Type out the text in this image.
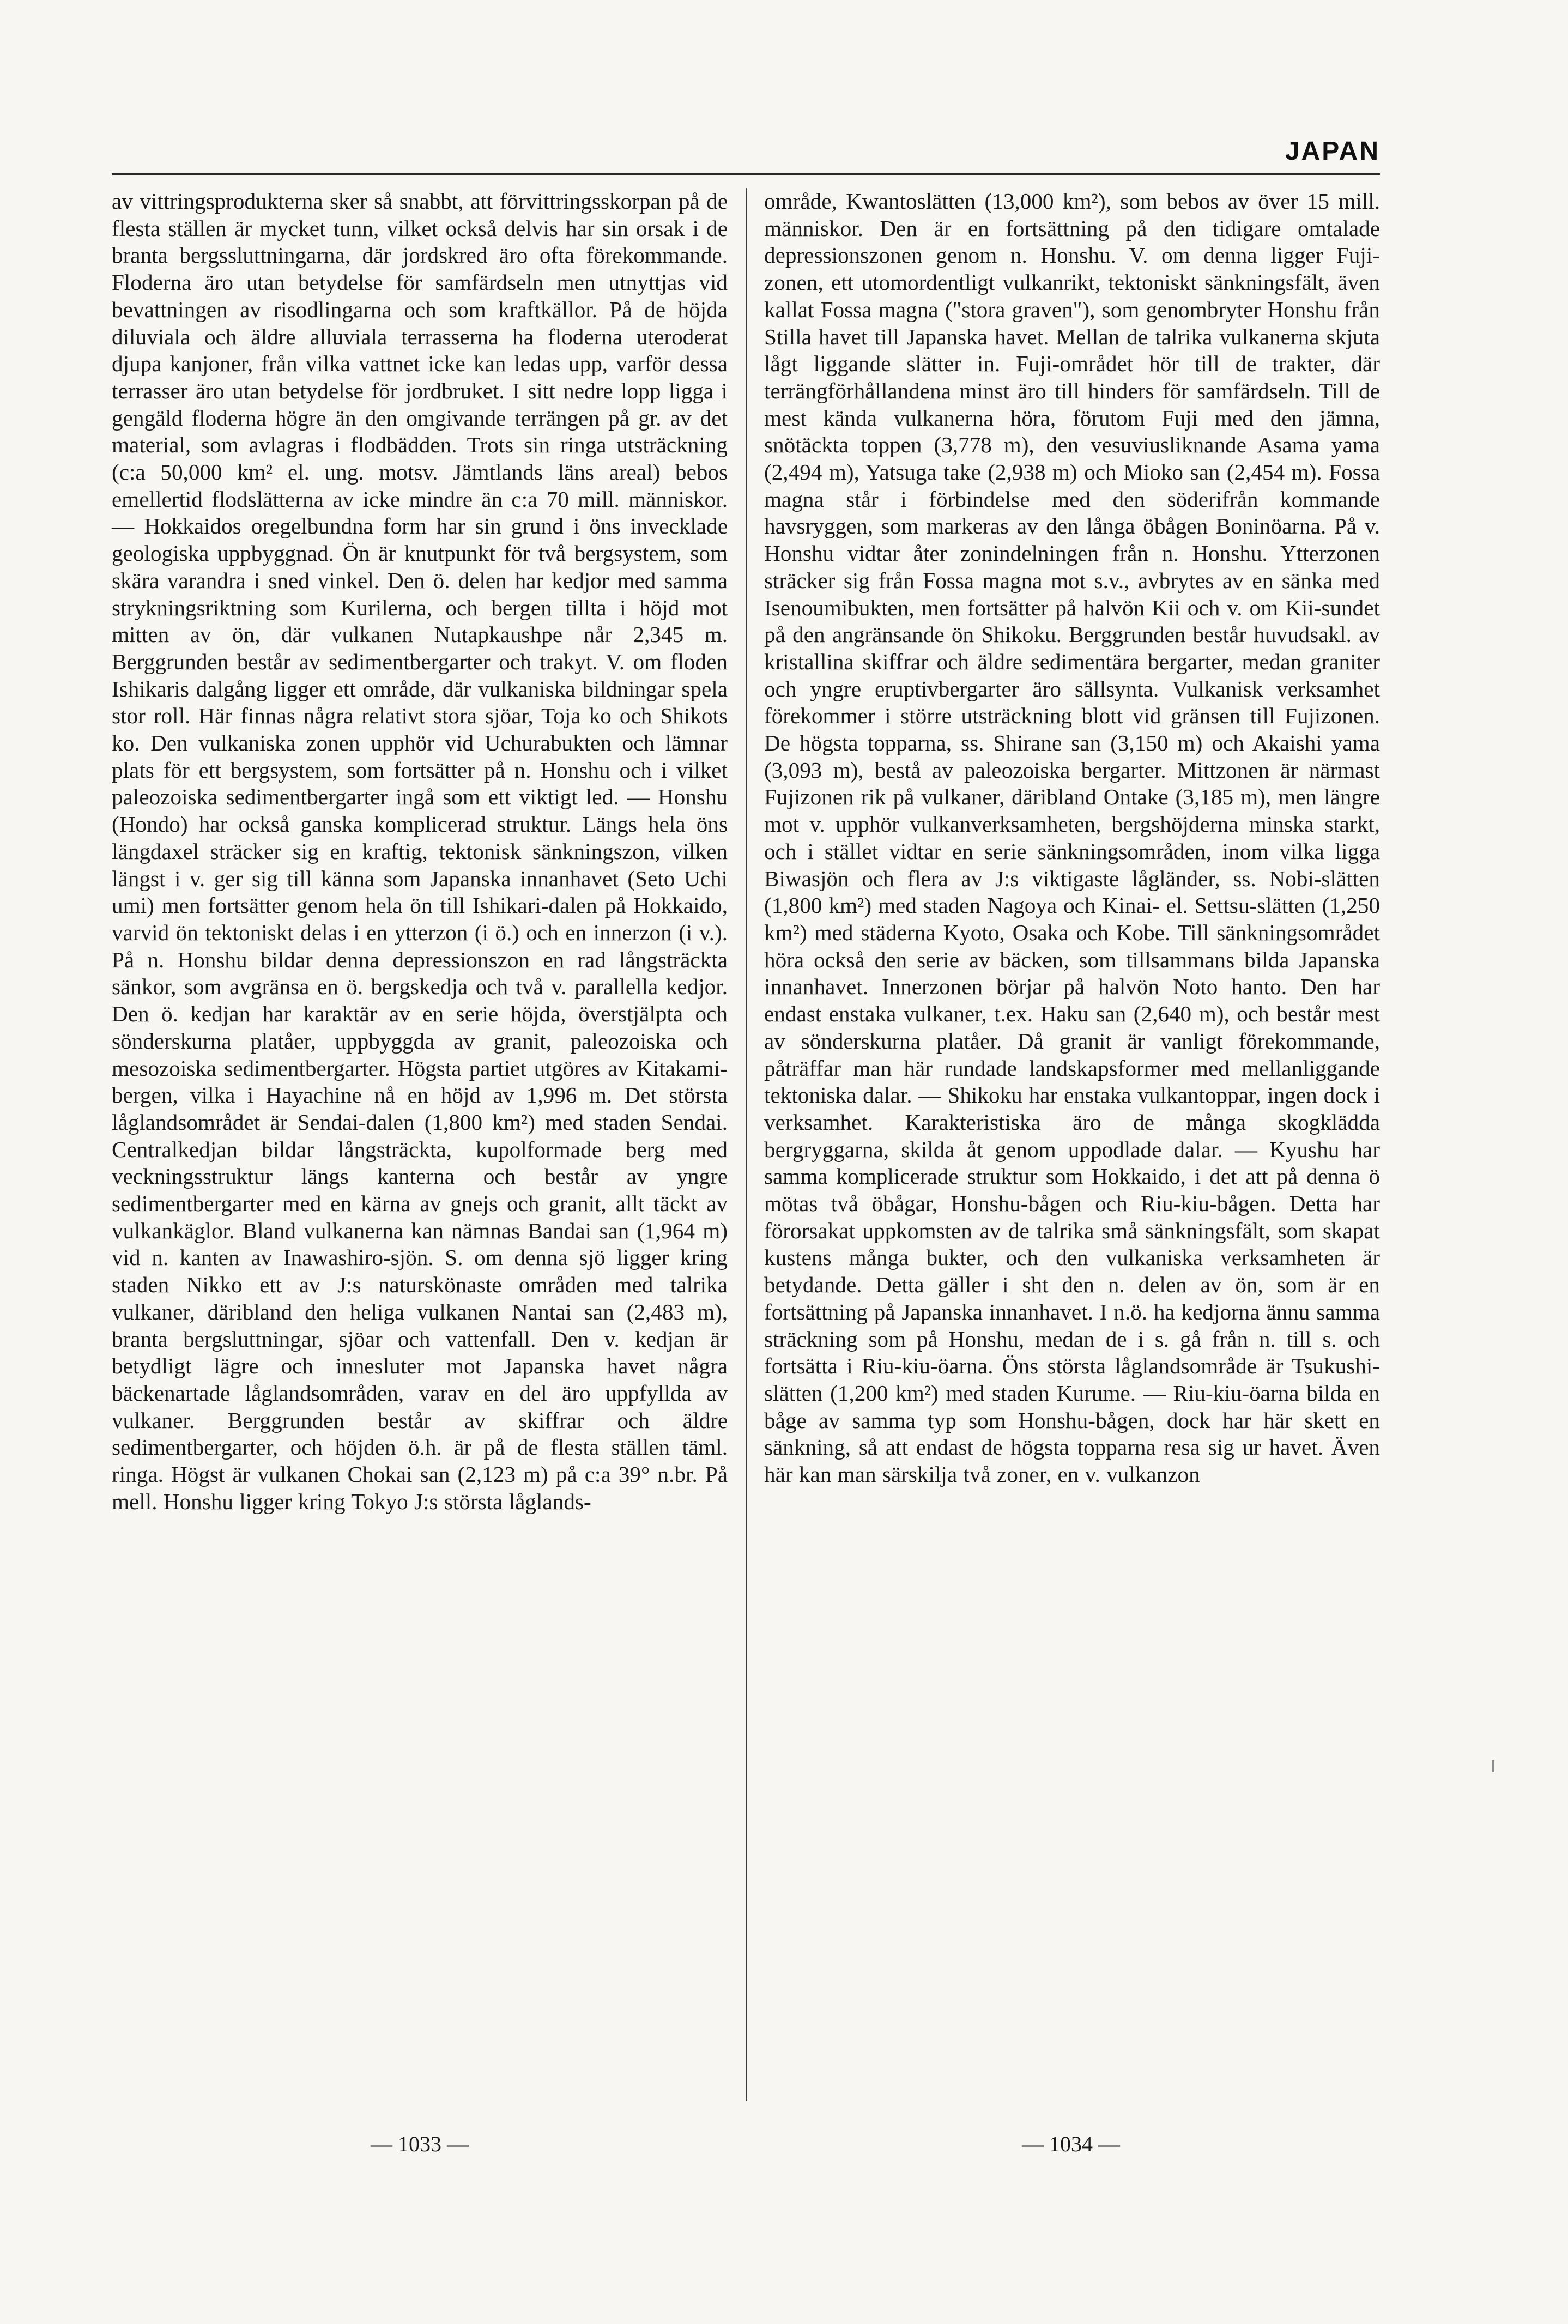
JAPAN

av vittringsprodukterna sker så snabbt, att förvittringsskorpan på de flesta ställen är mycket tunn, vilket också delvis har sin orsak i de branta bergssluttningarna, där jordskred äro ofta förekommande. Floderna äro utan betydelse för samfärdseln men utnyttjas vid bevattningen av risodlingarna och som kraftkällor. På de höjda diluviala och äldre alluviala terrasserna ha floderna uteroderat djupa kanjoner, från vilka vattnet icke kan ledas upp, varför dessa terrasser äro utan betydelse för jordbruket. I sitt nedre lopp ligga i gengäld floderna högre än den omgivande terrängen på gr. av det material, som avlagras i flodbädden. Trots sin ringa utsträckning (c:a 50,000 km² el. ung. motsv. Jämtlands läns areal) bebos emellertid flodslätterna av icke mindre än c:a 70 mill. människor. — Hokkaidos oregelbundna form har sin grund i öns invecklade geologiska uppbyggnad. Ön är knutpunkt för två bergsystem, som skära varandra i sned vinkel. Den ö. delen har kedjor med samma strykningsriktning som Kurilerna, och bergen tillta i höjd mot mitten av ön, där vulkanen Nutapkaushpe når 2,345 m. Berggrunden består av sedimentbergarter och trakyt. V. om floden Ishikaris dalgång ligger ett område, där vulkaniska bildningar spela stor roll. Här finnas några relativt stora sjöar, Toja ko och Shikots ko. Den vulkaniska zonen upphör vid Uchurabukten och lämnar plats för ett bergsystem, som fortsätter på n. Honshu och i vilket paleozoiska sedimentbergarter ingå som ett viktigt led. — Honshu (Hondo) har också ganska komplicerad struktur. Längs hela öns längdaxel sträcker sig en kraftig, tektonisk sänkningszon, vilken längst i v. ger sig till känna som Japanska innanhavet (Seto Uchi umi) men fortsätter genom hela ön till Ishikari-dalen på Hokkaido, varvid ön tektoniskt delas i en ytterzon (i ö.) och en innerzon (i v.). På n. Honshu bildar denna depressionszon en rad långsträckta sänkor, som avgränsa en ö. bergskedja och två v. parallella kedjor. Den ö. kedjan har karaktär av en serie höjda, överstjälpta och sönderskurna platåer, uppbyggda av granit, paleozoiska och mesozoiska sedimentbergarter. Högsta partiet utgöres av Kitakami-bergen, vilka i Hayachine nå en höjd av 1,996 m. Det största låglandsområdet är Sendai-dalen (1,800 km²) med staden Sendai. Centralkedjan bildar långsträckta, kupolformade berg med veckningsstruktur längs kanterna och består av yngre sedimentbergarter med en kärna av gnejs och granit, allt täckt av vulkankäglor. Bland vulkanerna kan nämnas Bandai san (1,964 m) vid n. kanten av Inawashiro-sjön. S. om denna sjö ligger kring staden Nikko ett av J:s naturskönaste områden med talrika vulkaner, däribland den heliga vulkanen Nantai san (2,483 m), branta bergsluttningar, sjöar och vattenfall. Den v. kedjan är betydligt lägre och innesluter mot Japanska havet några bäckenartade låglandsområden, varav en del äro uppfyllda av vulkaner. Berggrunden består av skiffrar och äldre sedimentbergarter, och höjden ö.h. är på de flesta ställen täml. ringa. Högst är vulkanen Chokai san (2,123 m) på c:a 39° n.br. På mell. Honshu ligger kring Tokyo J:s största låglands-

område, Kwantoslätten (13,000 km²), som bebos av över 15 mill. människor. Den är en fortsättning på den tidigare omtalade depressionszonen genom n. Honshu. V. om denna ligger Fuji-zonen, ett utomordentligt vulkanrikt, tektoniskt sänkningsfält, även kallat Fossa magna ("stora graven"), som genombryter Honshu från Stilla havet till Japanska havet. Mellan de talrika vulkanerna skjuta lågt liggande slätter in. Fuji-området hör till de trakter, där terrängförhållandena minst äro till hinders för samfärdseln. Till de mest kända vulkanerna höra, förutom Fuji med den jämna, snötäckta toppen (3,778 m), den vesuviusliknande Asama yama (2,494 m), Yatsuga take (2,938 m) och Mioko san (2,454 m). Fossa magna står i förbindelse med den söderifrån kommande havsryggen, som markeras av den långa öbågen Boninöarna. På v. Honshu vidtar åter zonindelningen från n. Honshu. Ytterzonen sträcker sig från Fossa magna mot s.v., avbrytes av en sänka med Isenoumibukten, men fortsätter på halvön Kii och v. om Kii-sundet på den angränsande ön Shikoku. Berggrunden består huvudsakl. av kristallina skiffrar och äldre sedimentära bergarter, medan graniter och yngre eruptivbergarter äro sällsynta. Vulkanisk verksamhet förekommer i större utsträckning blott vid gränsen till Fujizonen. De högsta topparna, ss. Shirane san (3,150 m) och Akaishi yama (3,093 m), bestå av paleozoiska bergarter. Mittzonen är närmast Fujizonen rik på vulkaner, däribland Ontake (3,185 m), men längre mot v. upphör vulkanverksamheten, bergshöjderna minska starkt, och i stället vidtar en serie sänkningsområden, inom vilka ligga Biwasjön och flera av J:s viktigaste lågländer, ss. Nobi-slätten (1,800 km²) med staden Nagoya och Kinai- el. Settsu-slätten (1,250 km²) med städerna Kyoto, Osaka och Kobe. Till sänkningsområdet höra också den serie av bäcken, som tillsammans bilda Japanska innanhavet. Innerzonen börjar på halvön Noto hanto. Den har endast enstaka vulkaner, t.ex. Haku san (2,640 m), och består mest av sönderskurna platåer. Då granit är vanligt förekommande, påträffar man här rundade landskapsformer med mellanliggande tektoniska dalar. — Shikoku har enstaka vulkantoppar, ingen dock i verksamhet. Karakteristiska äro de många skogklädda bergryggarna, skilda åt genom uppodlade dalar. — Kyushu har samma komplicerade struktur som Hokkaido, i det att på denna ö mötas två öbågar, Honshu-bågen och Riu-kiu-bågen. Detta har förorsakat uppkomsten av de talrika små sänkningsfält, som skapat kustens många bukter, och den vulkaniska verksamheten är betydande. Detta gäller i sht den n. delen av ön, som är en fortsättning på Japanska innanhavet. I n.ö. ha kedjorna ännu samma sträckning som på Honshu, medan de i s. gå från n. till s. och fortsätta i Riu-kiu-öarna. Öns största låglandsområde är Tsukushi-slätten (1,200 km²) med staden Kurume. — Riu-kiu-öarna bilda en båge av samma typ som Honshu-bågen, dock har här skett en sänkning, så att endast de högsta topparna resa sig ur havet. Även här kan man särskilja två zoner, en v. vulkanzon

— 1033 —	— 1034 —
